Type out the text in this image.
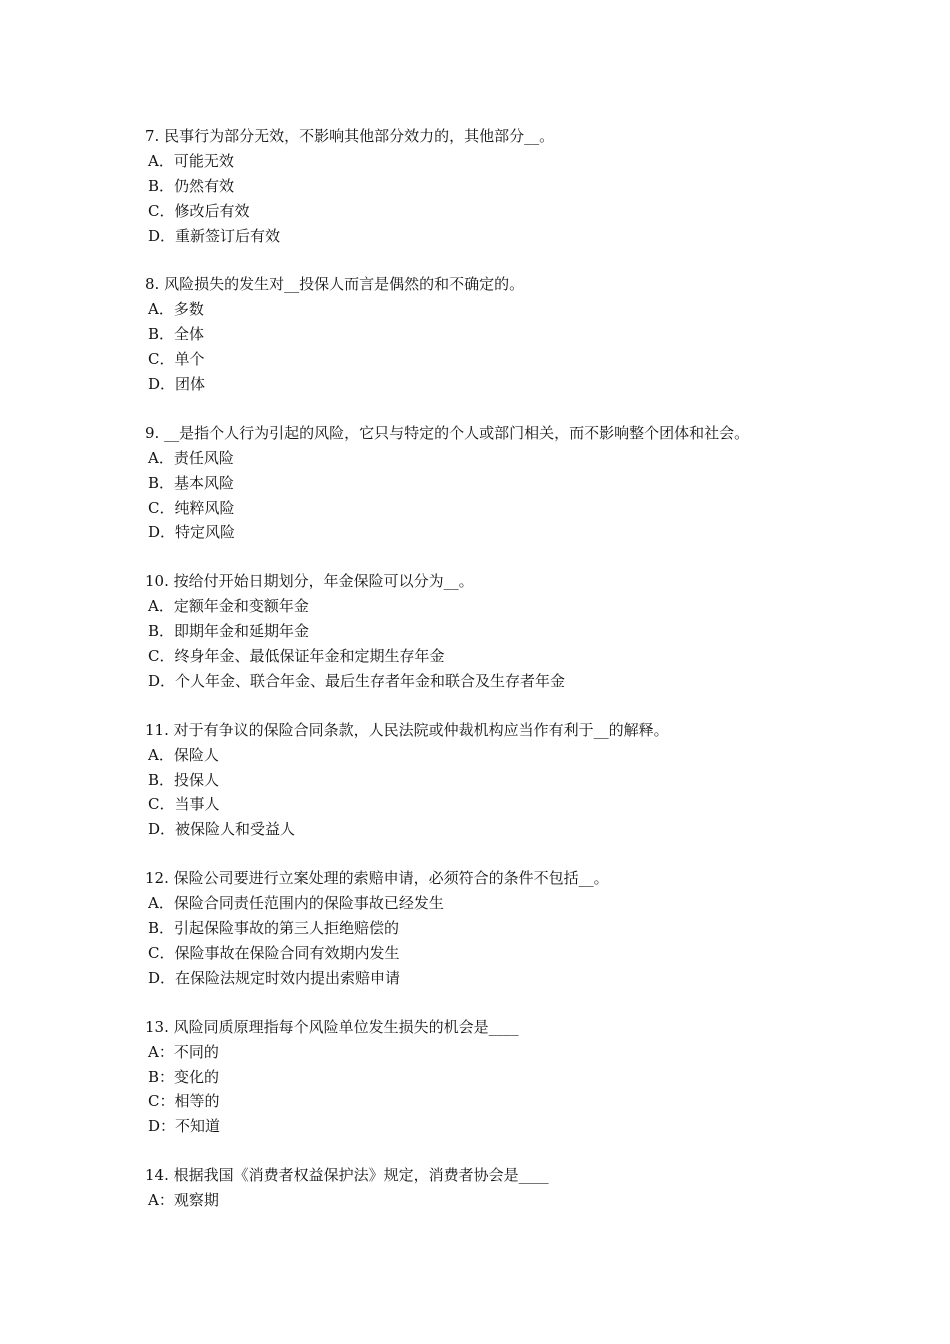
7. 民事行为部分无效，不影响其他部分效力的，其他部分__。
A．可能无效
B．仍然有效
C．修改后有效
D．重新签订后有效
8. 风险损失的发生对__投保人而言是偶然的和不确定的。
A．多数
B．全体
C．单个
D．团体
9. __是指个人行为引起的风险，它只与特定的个人或部门相关，而不影响整个团体和社会。
A．责任风险
B．基本风险
C．纯粹风险
D．特定风险
10. 按给付开始日期划分，年金保险可以分为__。
A．定额年金和变额年金
B．即期年金和延期年金
C．终身年金、最低保证年金和定期生存年金
D．个人年金、联合年金、最后生存者年金和联合及生存者年金
11. 对于有争议的保险合同条款，人民法院或仲裁机构应当作有利于__的解释。
A．保险人
B．投保人
C．当事人
D．被保险人和受益人
12. 保险公司要进行立案处理的索赔申请，必须符合的条件不包括__。
A．保险合同责任范围内的保险事故已经发生
B．引起保险事故的第三人拒绝赔偿的
C．保险事故在保险合同有效期内发生
D．在保险法规定时效内提出索赔申请
13. 风险同质原理指每个风险单位发生损失的机会是____
A：不同的
B：变化的
C：相等的
D：不知道
14. 根据我国《消费者权益保护法》规定，消费者协会是____
A：观察期
